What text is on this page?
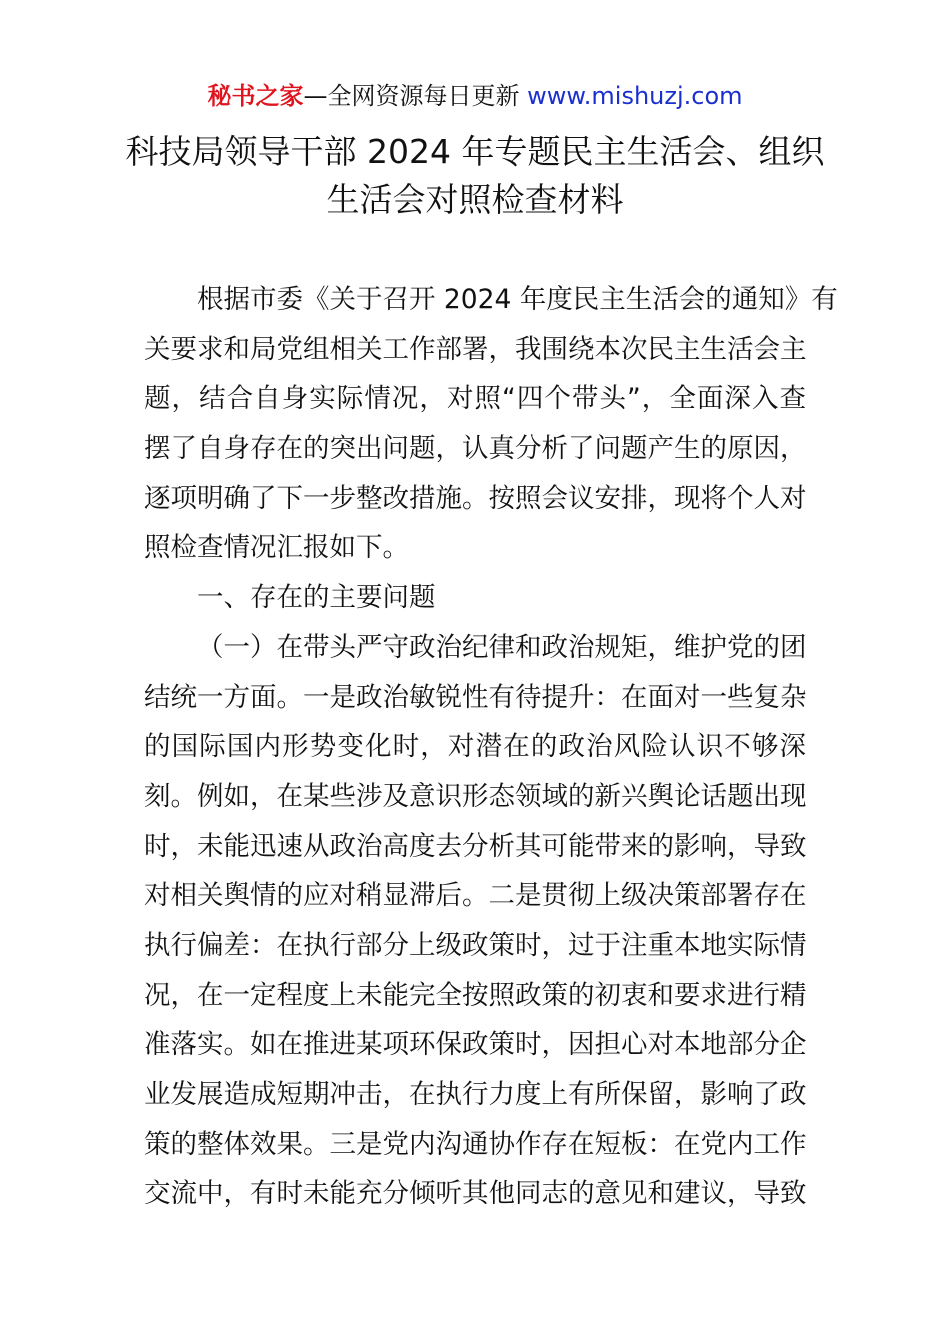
秘书之家—全网资源每日更新 www.mishuzj.com
科技局领导干部 2024 年专题民主生活会、组织
生活会对照检查材料
根据市委《关于召开 2024 年度民主生活会的通知》有
关要求和局党组相关工作部署，我围绕本次民主生活会主
题，结合自身实际情况，对照“四个带头”，全面深入查
摆了自身存在的突出问题，认真分析了问题产生的原因，
逐项明确了下一步整改措施。按照会议安排，现将个人对
照检查情况汇报如下。
一、存在的主要问题
（一）在带头严守政治纪律和政治规矩，维护党的团
结统一方面。一是政治敏锐性有待提升：在面对一些复杂
的国际国内形势变化时，对潜在的政治风险认识不够深
刻。例如，在某些涉及意识形态领域的新兴舆论话题出现
时，未能迅速从政治高度去分析其可能带来的影响，导致
对相关舆情的应对稍显滞后。二是贯彻上级决策部署存在
执行偏差：在执行部分上级政策时，过于注重本地实际情
况，在一定程度上未能完全按照政策的初衷和要求进行精
准落实。如在推进某项环保政策时，因担心对本地部分企
业发展造成短期冲击，在执行力度上有所保留，影响了政
策的整体效果。三是党内沟通协作存在短板：在党内工作
交流中，有时未能充分倾听其他同志的意见和建议，导致
